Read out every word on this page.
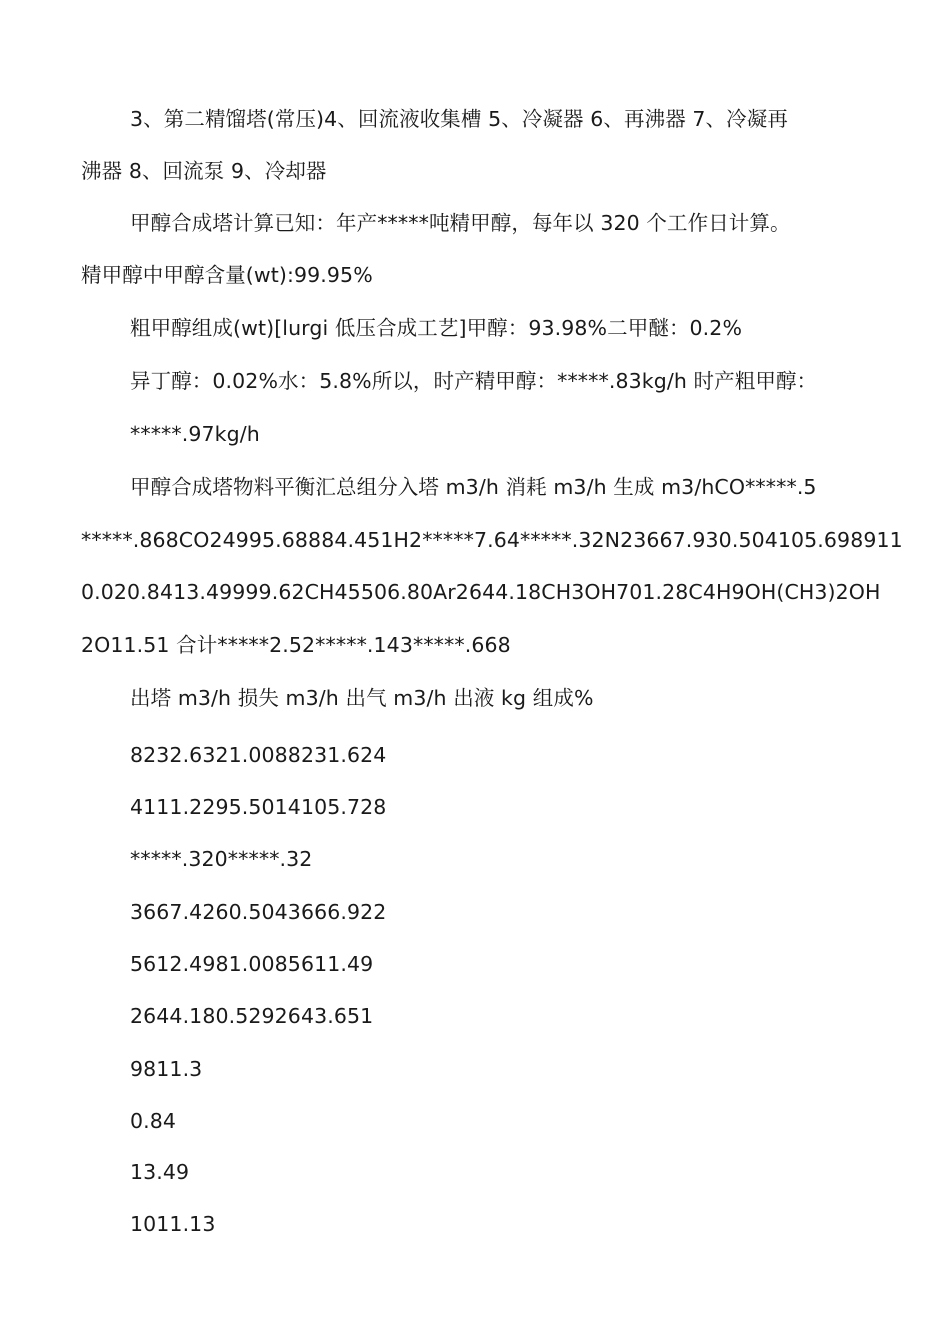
3、第二精馏塔(常压)4、回流液收集槽 5、冷凝器 6、再沸器 7、冷凝再
沸器 8、回流泵 9、冷却器
甲醇合成塔计算已知：年产*****吨精甲醇，每年以 320 个工作日计算。
精甲醇中甲醇含量(wt):99.95%
粗甲醇组成(wt)[lurgi 低压合成工艺]甲醇：93.98%二甲醚：0.2%
异丁醇：0.02%水：5.8%所以，时产精甲醇：*****.83kg/h 时产粗甲醇：
*****.97kg/h
甲醇合成塔物料平衡汇总组分入塔 m3/h 消耗 m3/h 生成 m3/hCO*****.5
*****.868CO24995.68884.451H2*****7.64*****.32N23667.930.504105.698911
0.020.8413.49999.62CH45506.80Ar2644.18CH3OH701.28C4H9OH(CH3)2OH
2O11.51 合计*****2.52*****.143*****.668
出塔 m3/h 损失 m3/h 出气 m3/h 出液 kg 组成%
8232.6321.0088231.624
4111.2295.5014105.728
*****.320*****.32
3667.4260.5043666.922
5612.4981.0085611.49
2644.180.5292643.651
9811.3
0.84
13.49
1011.13
